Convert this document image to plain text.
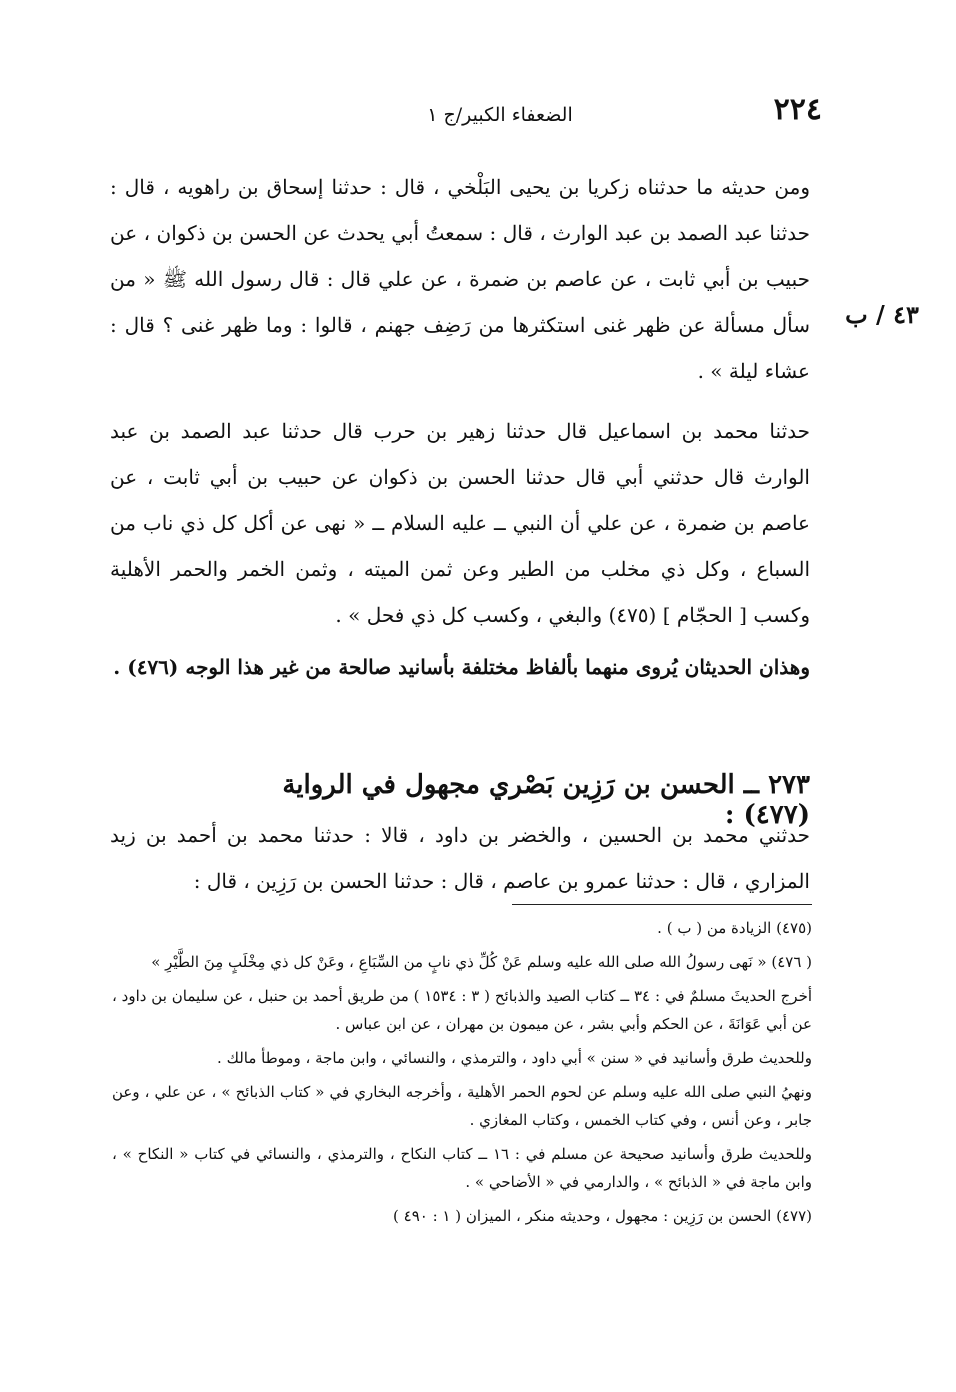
٢٢٤
الضعفاء الكبير/ج ١
٤٣ / ب

ومن حديثه ما حدثناه زكريا بن يحيى البَلْخي ، قال : حدثنا إسحاق بن راهويه ، قال : حدثنا عبد الصمد بن عبد الوارث ، قال : سمعتُ أبي يحدث عن الحسن بن ذكوان ، عن حبيب بن أبي ثابت ، عن عاصم بن ضمرة ، عن علي قال : قال رسول الله ﷺ « من سأل مسألة عن ظهر غنى استكثرها من رَضِف جهنم ، قالوا : وما ظهر غنى ؟ قال : عشاء ليلة » .

حدثنا محمد بن اسماعيل قال حدثنا زهير بن حرب قال حدثنا عبد الصمد بن عبد الوارث قال حدثني أبي قال حدثنا الحسن بن ذكوان عن حبيب بن أبي ثابت ، عن عاصم بن ضمرة ، عن علي أن النبي ــ عليه السلام ــ « نهى عن أكل كل ذي ناب من السباع ، وكل ذي مخلب من الطير وعن ثمن الميته ، وثمن الخمر والحمر الأهلية وكسب [ الحجّام ] (٤٧٥) والبغي ، وكسب كل ذي فحل » .

وهذان الحديثان يُروى منهما بألفاظ مختلفة بأسانيد صالحة من غير هذا الوجه (٤٧٦) .

٢٧٣ ــ الحسن بن رَزِين بَصْري مجهول في الرواية (٤٧٧) :

حدثني محمد بن الحسين ، والخضر بن داود ، قالا : حدثنا محمد بن أحمد بن زيد المزاري ، قال : حدثنا عمرو بن عاصم ، قال : حدثنا الحسن بن رَزِين ، قال :

(٤٧٥) الزيادة من ( ب ) .

( ٤٧٦) « نَهى رسولُ الله صلى الله عليه وسلم عَنْ كُلِّ ذي نابٍ من السِّبَاعِ ، وعَنْ كل ذي مِخْلَبٍ مِنَ الطَّيْرِ »

أخرج الحديثَ مسلمٌ في : ٣٤ ــ كتاب الصيد والذبائح ( ٣ : ١٥٣٤ ) من طريق أحمد بن حنبل ، عن سليمان بن داود ، عن أبي عَوَانَةَ ، عن الحكم وأبي بشر ، عن ميمون بن مهران ، عن ابن عباس .

وللحديث طرق وأسانيد في « سنن » أبي داود ، والترمذي ، والنسائي ، وابن ماجة ، وموطأ مالك .

ونهيُ النبي صلى الله عليه وسلم عن لحوم الحمر الأهلية ، وأخرجه البخاري في « كتاب الذبائح » ، عن علي ، وعن جابر ، وعن أنس ، وفي كتاب الخمس ، وكتاب المغازي .

وللحديث طرق وأسانيد صحيحة عن مسلم في : ١٦ ــ كتاب النكاح ، والترمذي ، والنسائي في كتاب « النكاح » ، وابن ماجة في « الذبائح » ، والدارمي في « الأضاحي » .

(٤٧٧) الحسن بن رَزِين : مجهول ، وحديثه منكر ، الميزان ( ١ : ٤٩٠ )
